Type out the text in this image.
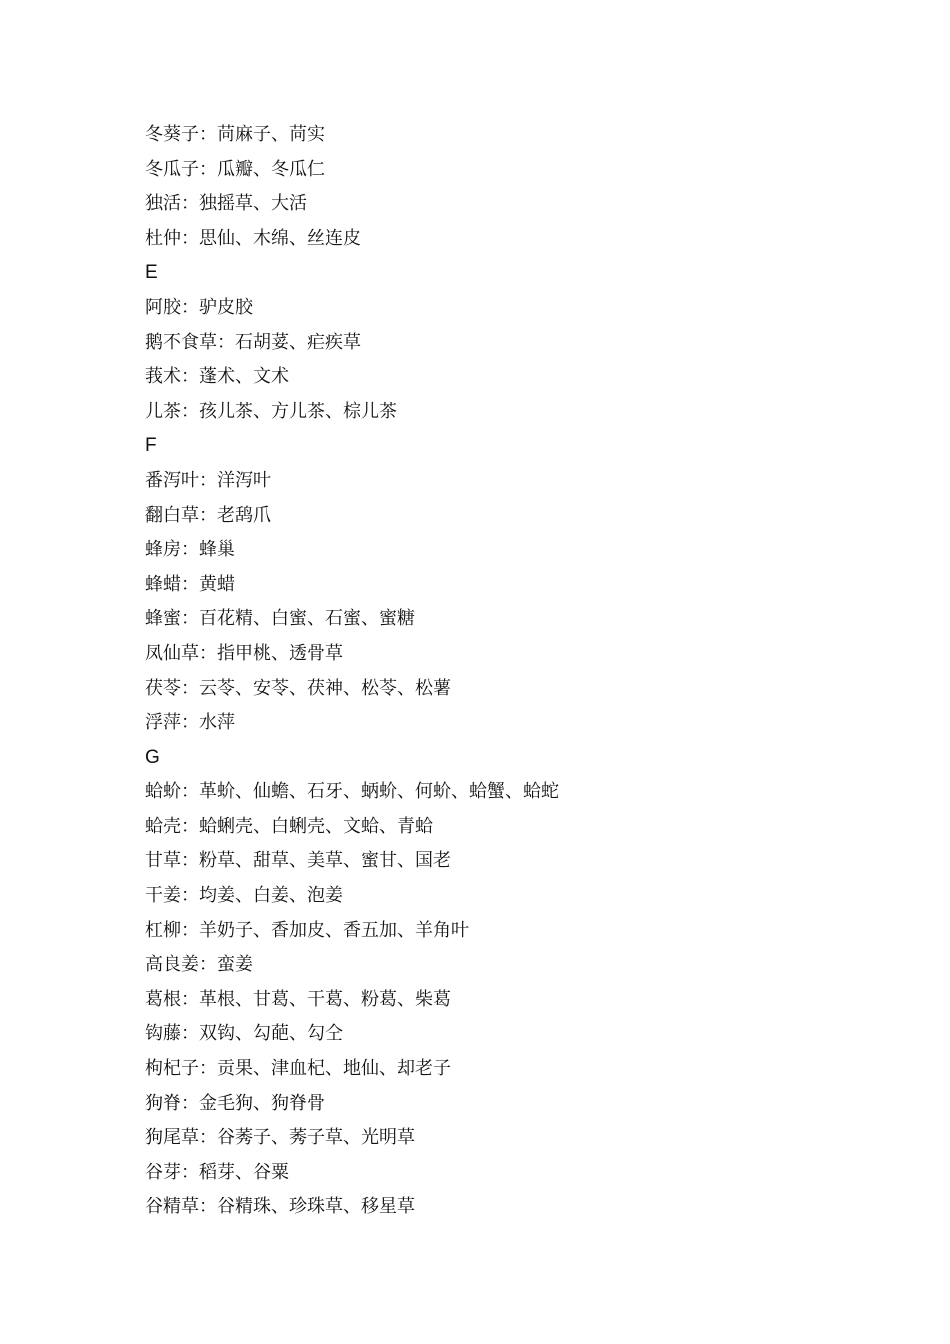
冬葵子：苘麻子、苘实
冬瓜子：瓜瓣、冬瓜仁
独活：独摇草、大活
杜仲：思仙、木绵、丝连皮
E
阿胶：驴皮胶
鹅不食草：石胡荽、疟疾草
莪术：蓬术、文术
儿茶：孩儿茶、方儿茶、棕儿茶
F
番泻叶：洋泻叶
翻白草：老鸹爪
蜂房：蜂巢
蜂蜡：黄蜡
蜂蜜：百花精、白蜜、石蜜、蜜糖
凤仙草：指甲桃、透骨草
茯苓：云苓、安苓、茯神、松苓、松薯
浮萍：水萍
G
蛤蚧：革蚧、仙蟾、石牙、蛃蚧、何蚧、蛤蟹、蛤蛇
蛤壳：蛤蜊壳、白蜊壳、文蛤、青蛤
甘草：粉草、甜草、美草、蜜甘、国老
干姜：均姜、白姜、泡姜
杠柳：羊奶子、香加皮、香五加、羊角叶
高良姜：蛮姜
葛根：革根、甘葛、干葛、粉葛、柴葛
钩藤：双钩、勾葩、勾仝
枸杞子：贡果、津血杞、地仙、却老子
狗脊：金毛狗、狗脊骨
狗尾草：谷莠子、莠子草、光明草
谷芽：稻芽、谷粟
谷精草：谷精珠、珍珠草、移星草
